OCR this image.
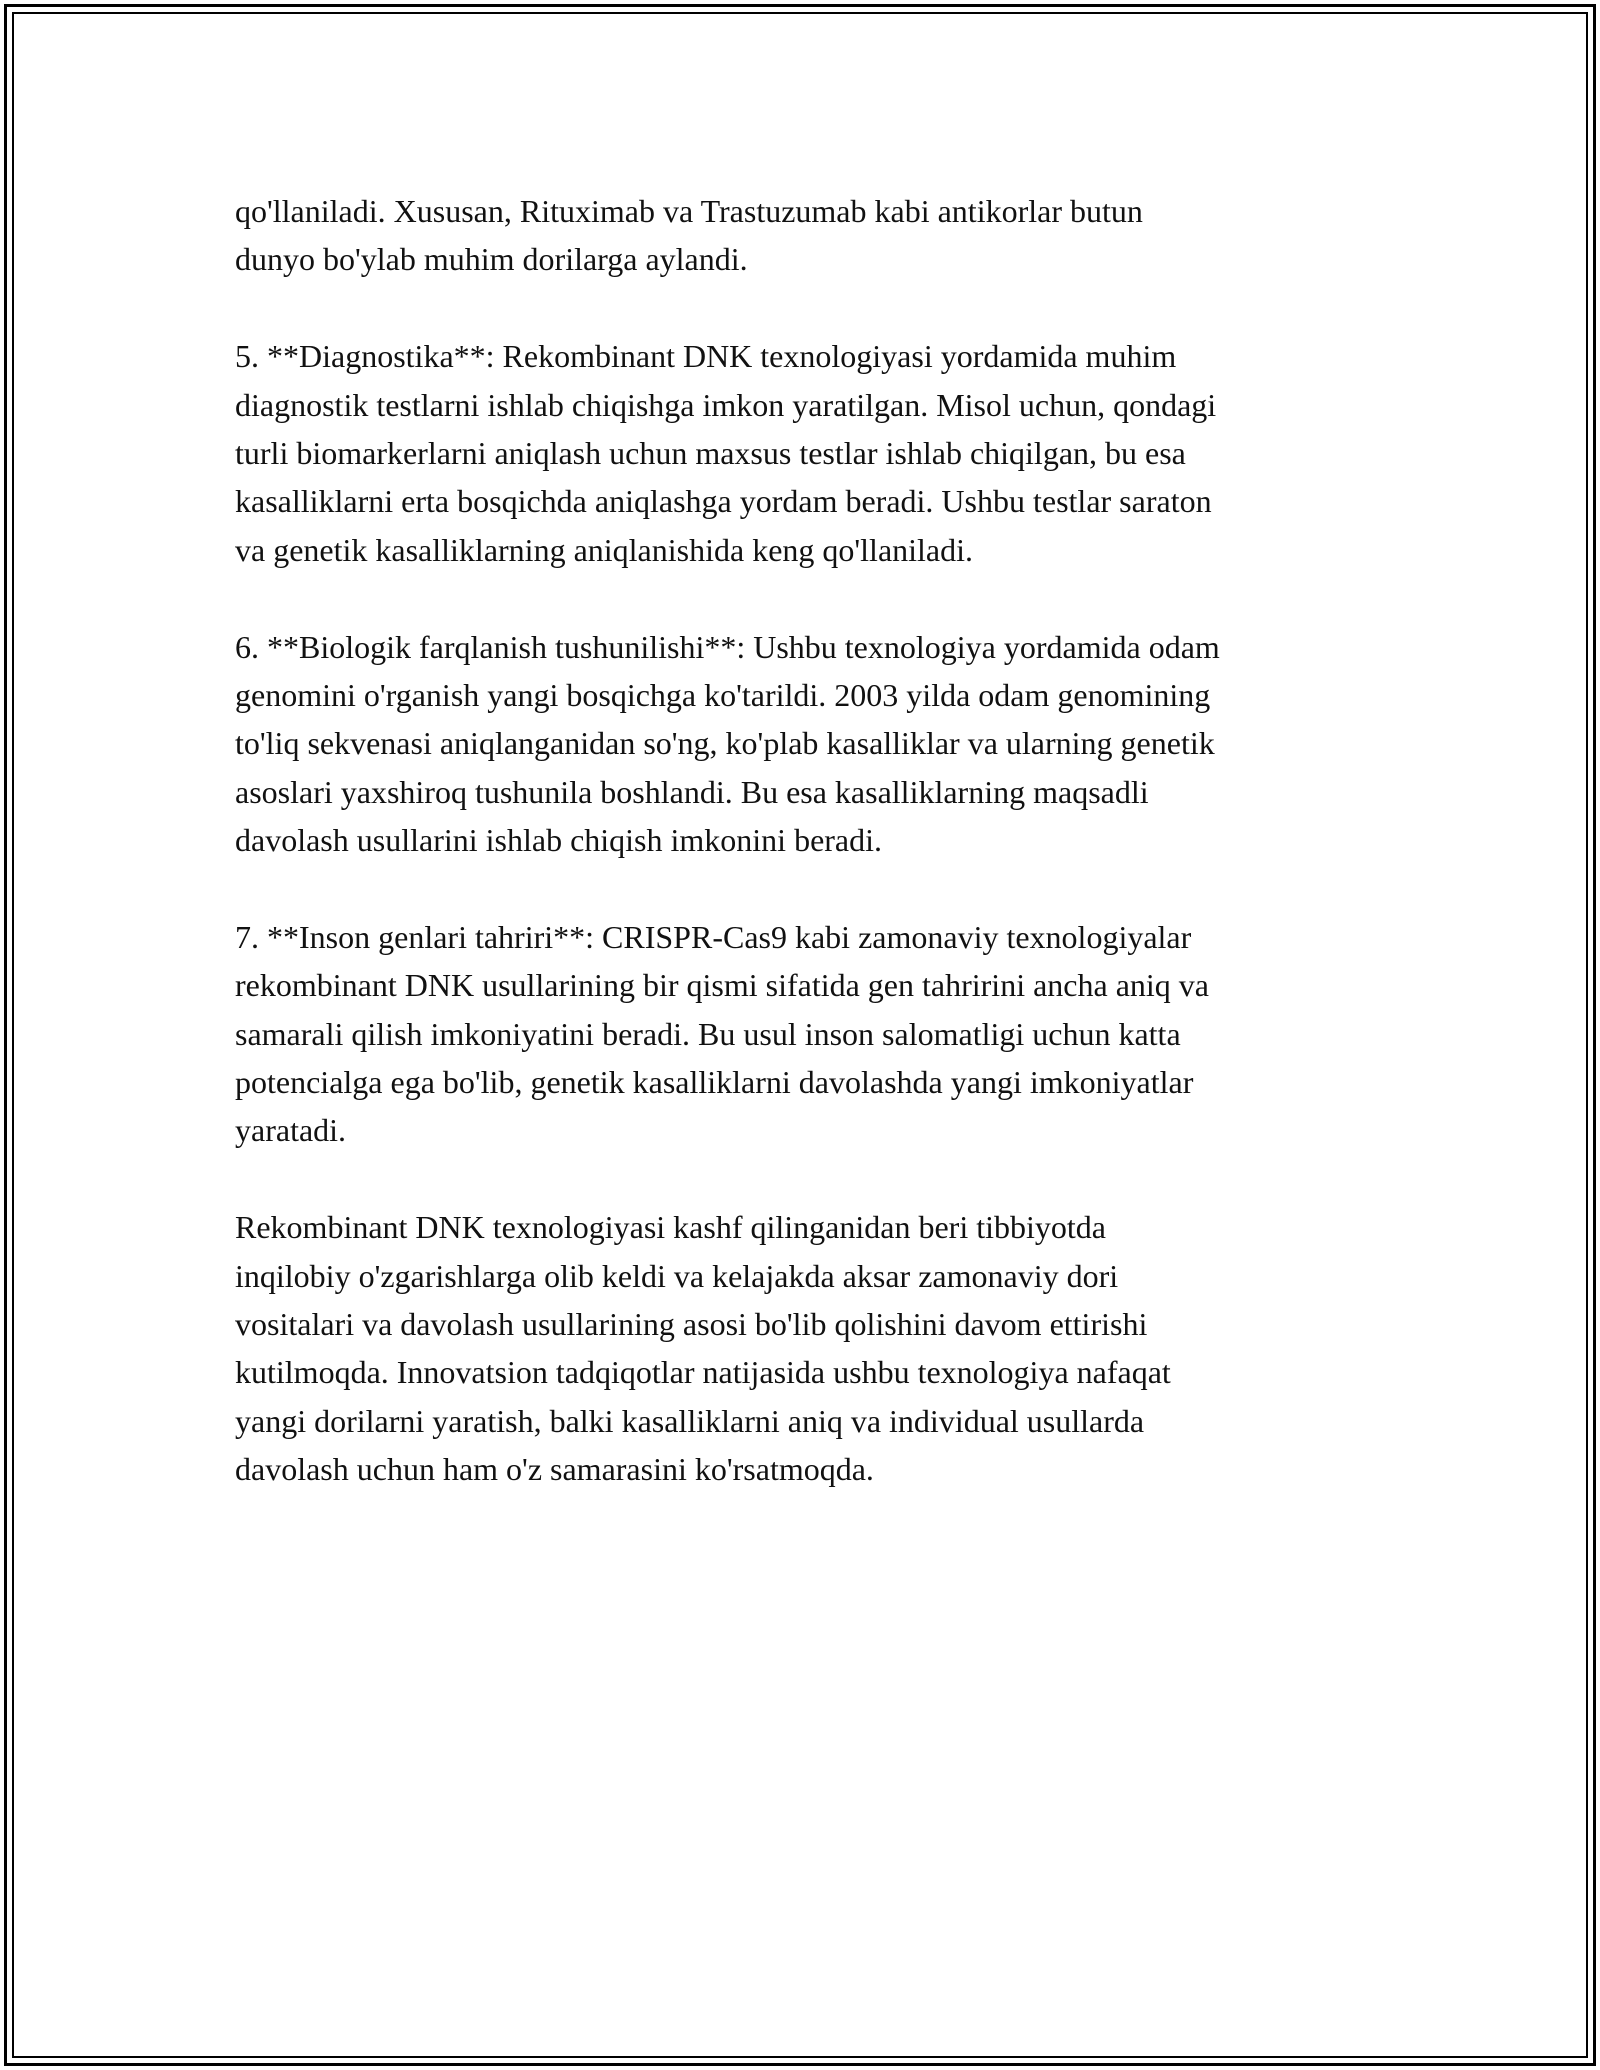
qo'llaniladi. Xususan, Rituximab va Trastuzumab kabi antikorlar butun
dunyo bo'ylab muhim dorilarga aylandi.
5. **Diagnostika**: Rekombinant DNK texnologiyasi yordamida muhim
diagnostik testlarni ishlab chiqishga imkon yaratilgan. Misol uchun, qondagi
turli biomarkerlarni aniqlash uchun maxsus testlar ishlab chiqilgan, bu esa
kasalliklarni erta bosqichda aniqlashga yordam beradi. Ushbu testlar saraton
va genetik kasalliklarning aniqlanishida keng qo'llaniladi.
6. **Biologik farqlanish tushunilishi**: Ushbu texnologiya yordamida odam
genomini o'rganish yangi bosqichga ko'tarildi. 2003 yilda odam genomining
to'liq sekvenasi aniqlanganidan so'ng, ko'plab kasalliklar va ularning genetik
asoslari yaxshiroq tushunila boshlandi. Bu esa kasalliklarning maqsadli
davolash usullarini ishlab chiqish imkonini beradi.
7. **Inson genlari tahriri**: CRISPR-Cas9 kabi zamonaviy texnologiyalar
rekombinant DNK usullarining bir qismi sifatida gen tahririni ancha aniq va
samarali qilish imkoniyatini beradi. Bu usul inson salomatligi uchun katta
potencialga ega bo'lib, genetik kasalliklarni davolashda yangi imkoniyatlar
yaratadi.
Rekombinant DNK texnologiyasi kashf qilinganidan beri tibbiyotda
inqilobiy o'zgarishlarga olib keldi va kelajakda aksar zamonaviy dori
vositalari va davolash usullarining asosi bo'lib qolishini davom ettirishi
kutilmoqda. Innovatsion tadqiqotlar natijasida ushbu texnologiya nafaqat
yangi dorilarni yaratish, balki kasalliklarni aniq va individual usullarda
davolash uchun ham o'z samarasini ko'rsatmoqda.
